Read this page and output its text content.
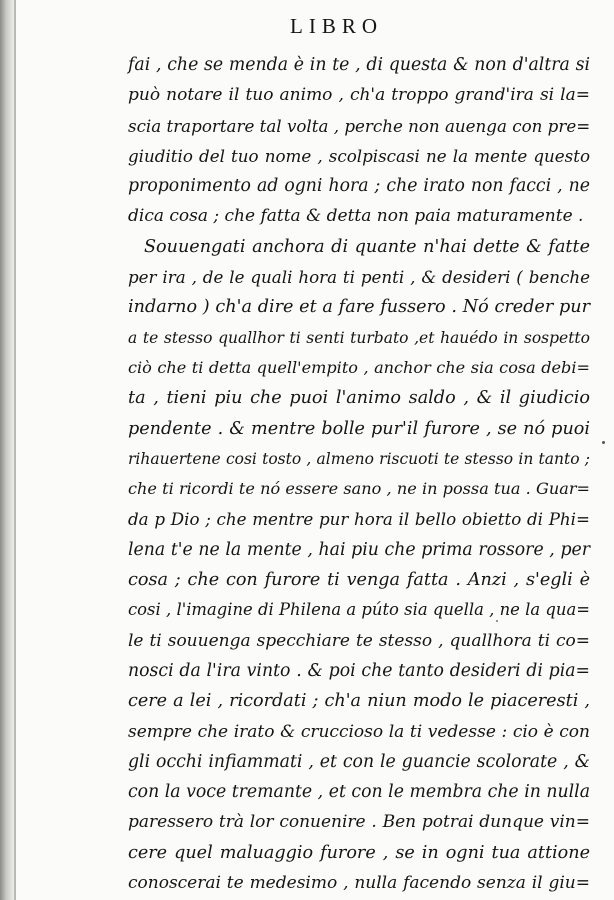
LIBRO
fai , che se menda è in te , di questa & non d'altra si
può notare il tuo animo , ch'a troppo grand'ira si la=
scia traportare tal volta , perche non auenga con pre=
giuditio del tuo nome , scolpiscasi ne la mente questo
proponimento ad ogni hora ; che irato non facci , ne
dica cosa ; che fatta & detta non paia maturamente .
Souuengati anchora di quante n'hai dette & fatte
per ira , de le quali hora ti penti , & desideri ( benche
indarno ) ch'a dire et a fare fussero . Nó creder pur
a te stesso quallhor ti senti turbato ,et hauédo in sospetto
ciò che ti detta quell'empito , anchor che sia cosa debi=
ta , tieni piu che puoi l'animo saldo , & il giudicio
pendente . & mentre bolle pur'il furore , se nó puoi
rihauertene cosi tosto , almeno riscuoti te stesso in tanto ;
che ti ricordi te nó essere sano , ne in possa tua . Guar=
da p Dio ; che mentre pur hora il bello obietto di Phi=
lena t'e ne la mente , hai piu che prima rossore , per
cosa ; che con furore ti venga fatta . Anzi , s'egli è
cosi , l'imagine di Philena a púto sia quella , ne la qua=
le ti souuenga specchiare te stesso , quallhora ti co=
nosci da l'ira vinto . & poi che tanto desideri di pia=
cere a lei , ricordati ; ch'a niun modo le piaceresti ,
sempre che irato & cruccioso la ti vedesse : cio è con
gli occhi infiammati , et con le guancie scolorate , &
con la voce tremante , et con le membra che in nulla
paressero trà lor conuenire . Ben potrai dunque vin=
cere quel maluaggio furore , se in ogni tua attione
conoscerai te medesimo , nulla facendo senza il giu=
